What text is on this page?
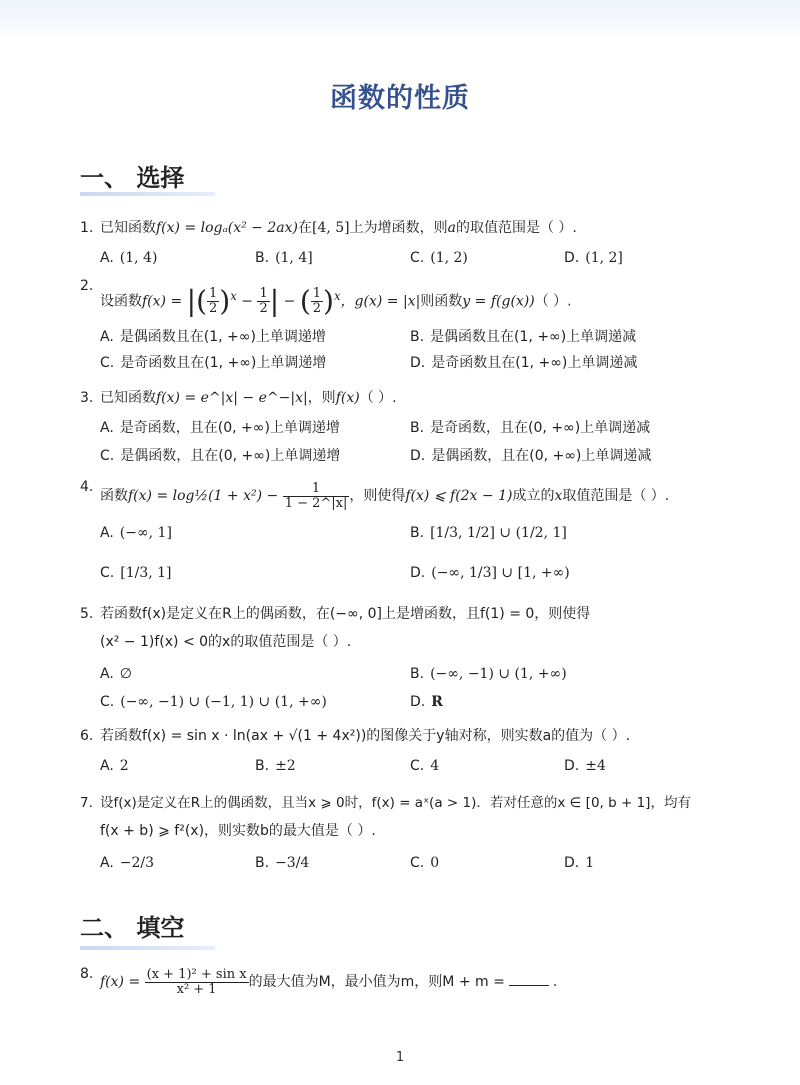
函数的性质
一、 选择
1. 已知函数f(x) = logₐ(x² − 2ax)在[4, 5]上为增函数，则a的取值范围是（ ）.
A. (1, 4)	B. (1, 4]	C. (1, 2)	D. (1, 2]
2.
设函数f(x) = |( $\frac{1}{2} )^x - \frac{1}{2}$ | − ( $\frac{1}{2} )^x$，g(x) = |x|则函数y = f(g(x))（ ）.
A. 是偶函数且在(1, +∞)上单调递增	B. 是偶函数且在(1, +∞)上单调递减
C. 是奇函数且在(1, +∞)上单调递增	D. 是奇函数且在(1, +∞)上单调递减
3. 已知函数f(x) = e^|x| − e^−|x|，则f(x)（ ）.
A. 是奇函数，且在(0, +∞)上单调递增	B. 是奇函数，且在(0, +∞)上单调递减
C. 是偶函数，且在(0, +∞)上单调递增	D. 是偶函数，且在(0, +∞)上单调递减
4.
函数f(x) = log½(1 + $x^2) - \frac{1}{1 - 2\^{}|x|}$ ，则使得f(x) ⩽ f(2x − 1)成立的x取值范围是（ ）.
A. (−∞, 1]	B. [1/3, 1/2] ∪ (1/2, 1]
C. [1/3, 1]	D. (−∞, 1/3] ∪ [1, +∞)
5. 若函数f(x)是定义在R上的偶函数，在(−∞, 0]上是增函数，且f(1) = 0，则使得
(x² − 1)f(x) < 0的x的取值范围是（ ）.
A. ∅	B. (−∞, −1) ∪ (1, +∞)
C. (−∞, −1) ∪ (−1, 1) ∪ (1, +∞)	D. R
6. 若函数f(x) = sin x · ln(ax + √(1 + 4x²))的图像关于y轴对称，则实数a的值为（ ）.
A. 2	B. ±2	C. 4	D. ±4
7. 设f(x)是定义在R上的偶函数，且当x ⩾ 0时，f(x) = aˣ(a > 1)．若对任意的x ∈ [0, b + 1]，均有
f(x + b) ⩾ f²(x)，则实数b的最大值是（ ）.
A. −2/3	B. −3/4	C. 0	D. 1
二、 填空
8. $f(x) = \frac{\text{(x + 1)² + sin x}}{\text{x² + 1}}$ 的最大值为M，最小值为m，则M + m =	.
1
